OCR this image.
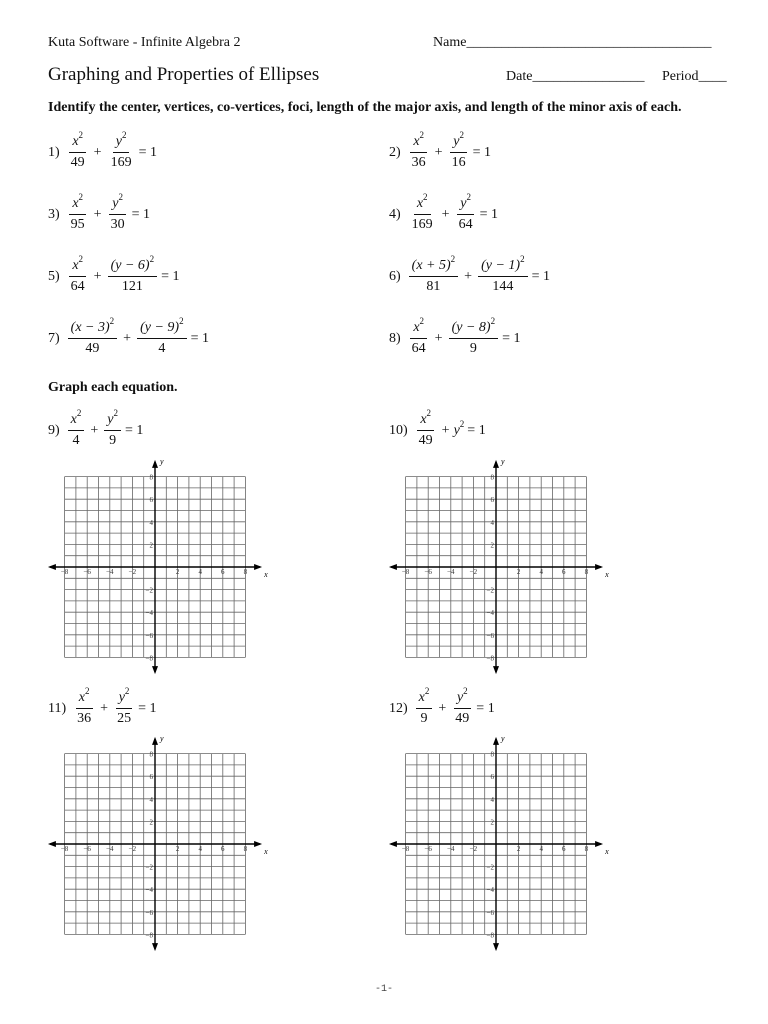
Kuta Software - Infinite Algebra 2	Name___________________________________
Graphing and Properties of Ellipses	Date________________ Period____
Identify the center, vertices, co-vertices, foci, length of the major axis, and length of the minor axis of each.
$1) \frac{x^2}{49} + \frac{y^2}{169} = 1$	$2) \frac{x^2}{36} + \frac{y^2}{16} = 1$
$3) \frac{x^2}{95} + \frac{y^2}{30} = 1$	$4) \frac{x^2}{169} + \frac{y^2}{64} = 1$
$5) \frac{x^2}{64} + \frac{(y - 6)^2}{121} = 1$	$6) \frac{(x + 5)^2}{81} + \frac{(y - 1)^2}{144} = 1$
$7) \frac{(x - 3)^2}{49} + \frac{(y - 9)^2}{4} = 1$	$8) \frac{x^2}{64} + \frac{(y - 8)^2}{9} = 1$
Graph each equation.
$9) \frac{x^2}{4} + \frac{y^2}{9} = 1$	$10) \frac{x^2}{49} + y^2 = 1$
$11) \frac{x^2}{36} + \frac{y^2}{25} = 1$	$12) \frac{x^2}{9} + \frac{y^2}{49} = 1$
x
y
−8 −6 −4 −2	2	4	6	8
8
6
4
2
−2
−4
−6
−8
x
y
−8 −6 −4 −2	2	4	6	8
8
6
4
2
−2
−4
−6
−8
x
y
−8 −6 −4 −2	2	4	6	8
8
6
4
2
−2
−4
−6
−8
x
y
−8 −6 −4 −2	2	4	6	8
8
6
4
2
−2
−4
−6
−8
-1-
